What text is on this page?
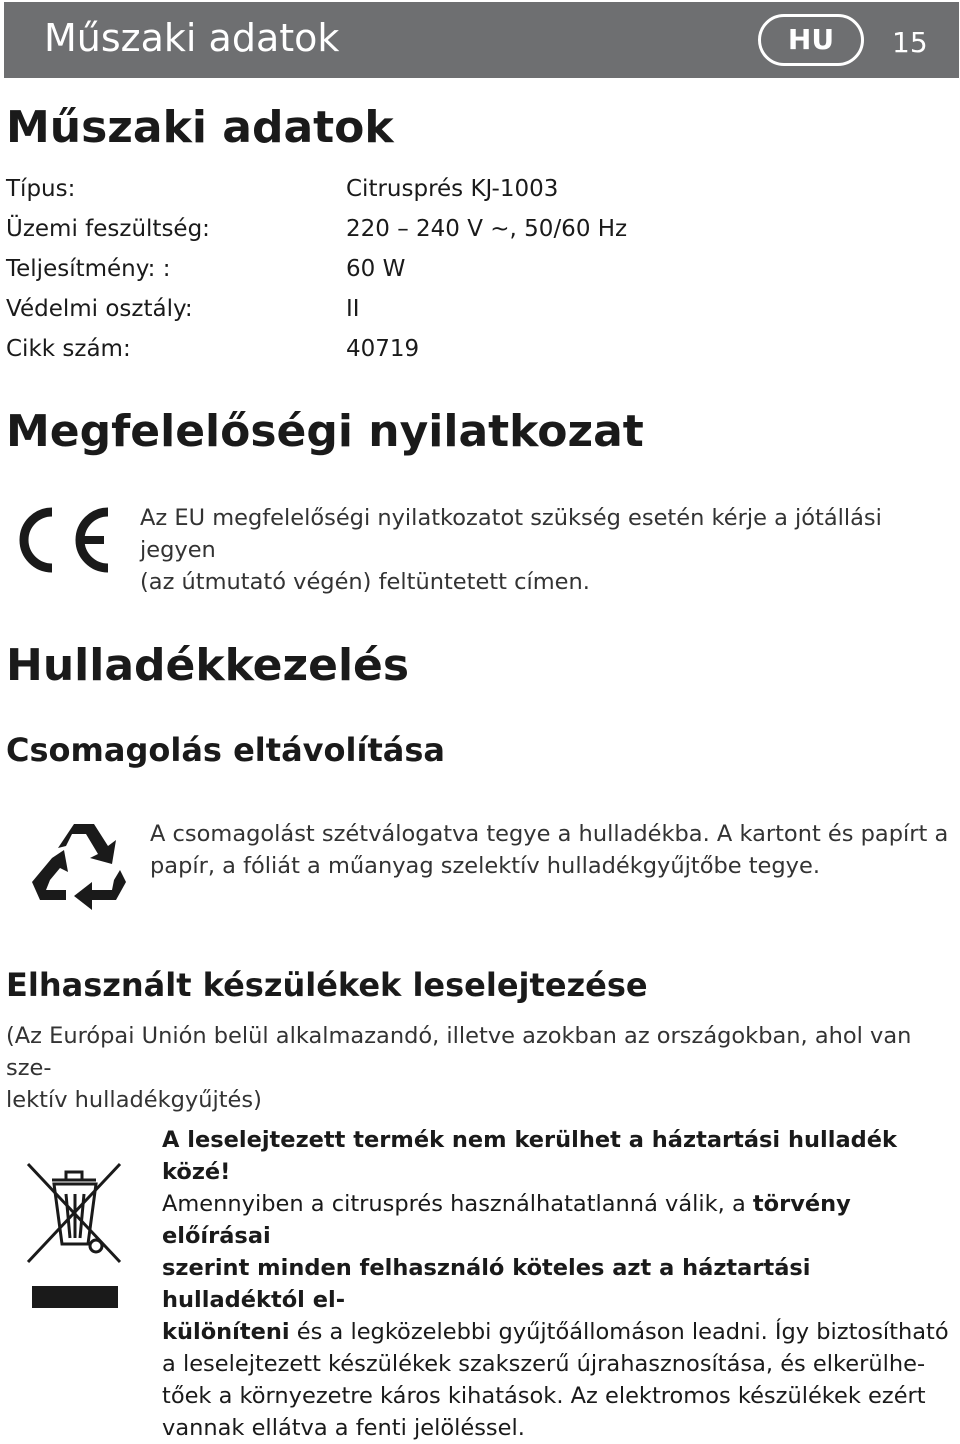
Műszaki adatok	HU	15
Műszaki adatok
Típus:	Citrusprés KJ-1003
Üzemi feszültség:	220 – 240 V ~, 50/60 Hz
Teljesítmény: :	60 W
Védelmi osztály:	II
Cikk szám:	40719
Megfelelőségi nyilatkozat
Az EU megfelelőségi nyilatkozatot szükség esetén kérje a jótállási jegyen
(az útmutató végén) feltüntetett címen.
Hulladékkezelés
Csomagolás eltávolítása
A csomagolást szétválogatva tegye a hulladékba. A kartont és papírt a
papír, a fóliát a műanyag szelektív hulladékgyűjtőbe tegye.
Elhasznált készülékek leselejtezése
(Az Európai Unión belül alkalmazandó, illetve azokban az országokban, ahol van sze-
lektív hulladékgyűjtés)
A leselejtezett termék nem kerülhet a háztartási hulladék közé!
Amennyiben a citrusprés használhatatlanná válik, a törvény előírásai
szerint minden felhasználó köteles azt a háztartási hulladéktól el-
különíteni és a legközelebbi gyűjtőállomáson leadni. Így biztosítható
a leselejtezett készülékek szakszerű újrahasznosítása, és elkerülhe-
tőek a környezetre káros kihatások. Az elektromos készülékek ezért
vannak ellátva a fenti jelöléssel.
